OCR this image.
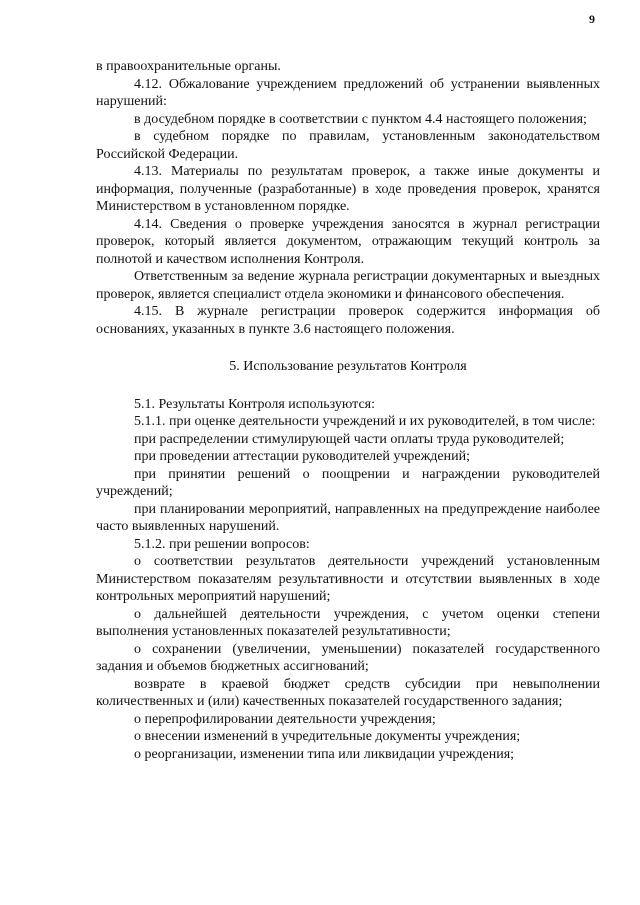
9

в правоохранительные органы.

4.12. Обжалование учреждением предложений об устранении выявленных нарушений:

в досудебном порядке в соответствии с пунктом 4.4 настоящего положения;

в судебном порядке по правилам, установленным законодательством Российской Федерации.

4.13. Материалы по результатам проверок, а также иные документы и информация, полученные (разработанные) в ходе проведения проверок, хранятся Министерством в установленном порядке.

4.14. Сведения о проверке учреждения заносятся в журнал регистрации проверок, который является документом, отражающим текущий контроль за полнотой и качеством исполнения Контроля.

Ответственным за ведение журнала регистрации документарных и выездных проверок, является специалист отдела экономики и финансового обеспечения.

4.15. В журнале регистрации проверок содержится информация об основаниях, указанных в пункте 3.6 настоящего положения.

5. Использование результатов Контроля

5.1. Результаты Контроля используются:

5.1.1. при оценке деятельности учреждений и их руководителей, в том числе:

при распределении стимулирующей части оплаты труда руководителей;

при проведении аттестации руководителей учреждений;

при принятии решений о поощрении и награждении руководителей учреждений;

при планировании мероприятий, направленных на предупреждение наиболее часто выявленных нарушений.

5.1.2. при решении вопросов:

о соответствии результатов деятельности учреждений установленным Министерством показателям результативности и отсутствии выявленных в ходе контрольных мероприятий нарушений;

о дальнейшей деятельности учреждения, с учетом оценки степени выполнения установленных показателей результативности;

о сохранении (увеличении, уменьшении) показателей государственного задания и объемов бюджетных ассигнований;

возврате в краевой бюджет средств субсидии при невыполнении количественных и (или) качественных показателей государственного задания;

о перепрофилировании деятельности учреждения;

о внесении изменений в учредительные документы учреждения;

о реорганизации, изменении типа или ликвидации учреждения;
